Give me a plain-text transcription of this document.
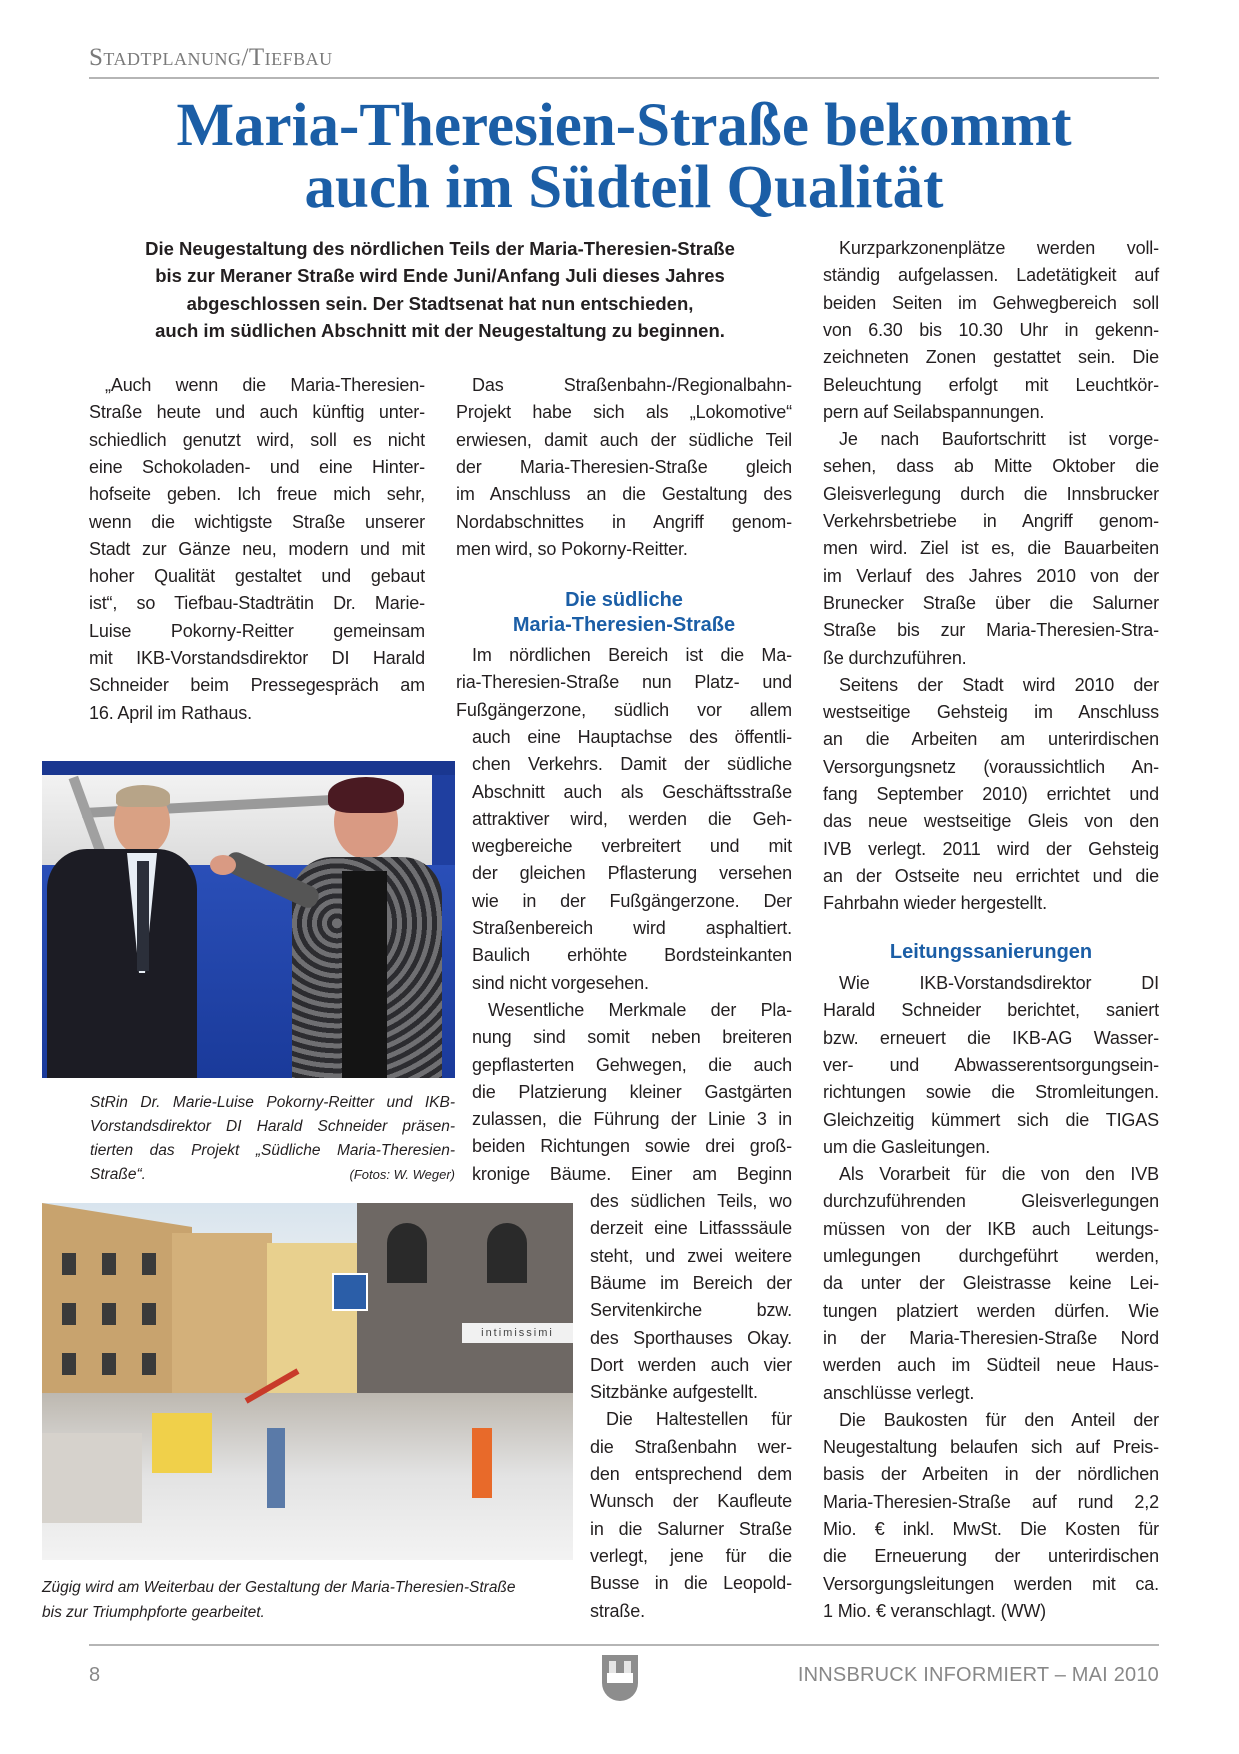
Stadtplanung/Tiefbau
Maria-Theresien-Straße bekommt
auch im Südteil Qualität
intimissimi
8	INNSBRUCK INFORMIERT – MAI 2010
Die Neugestaltung des nördlichen Teils der Maria-Theresien-Straße
bis zur Meraner Straße wird Ende Juni/Anfang Juli dieses Jahres
abgeschlossen sein. Der Stadtsenat hat nun entschieden,
auch im südlichen Abschnitt mit der Neugestaltung zu beginnen.
„Auch wenn die Maria-Theresien-
Straße heute und auch künftig unter-
schiedlich genutzt wird, soll es nicht
eine Schokoladen- und eine Hinter-
hofseite geben. Ich freue mich sehr,
wenn die wichtigste Straße unserer
Stadt zur Gänze neu, modern und mit
hoher Qualität gestaltet und gebaut
ist“, so Tiefbau-Stadträtin Dr. Marie-
Luise Pokorny-Reitter gemeinsam
mit IKB-Vorstandsdirektor DI Harald
Schneider beim Pressegespräch am
16. April im Rathaus.
Das Straßenbahn-/Regionalbahn-
Projekt habe sich als „Lokomotive“
erwiesen, damit auch der südliche Teil
der Maria-Theresien-Straße gleich
im Anschluss an die Gestaltung des
Nordabschnittes in Angriff genom-
men wird, so Pokorny-Reitter.
Die südliche
Maria-Theresien-Straße
Im nördlichen Bereich ist die Ma-
ria-Theresien-Straße nun Platz- und
Fußgängerzone, südlich vor allem
auch eine Hauptachse des öffentli-
chen Verkehrs. Damit der südliche
Abschnitt auch als Geschäftsstraße
attraktiver wird, werden die Geh-
wegbereiche verbreitert und mit
der gleichen Pflasterung versehen
wie in der Fußgängerzone. Der
Straßenbereich wird asphaltiert.
Baulich erhöhte Bordsteinkanten
sind nicht vorgesehen.
Wesentliche Merkmale der Pla-
nung sind somit neben breiteren
gepflasterten Gehwegen, die auch
die Platzierung kleiner Gastgärten
zulassen, die Führung der Linie 3 in
beiden Richtungen sowie drei groß-
kronige Bäume. Einer am Beginn
des südlichen Teils, wo
derzeit eine Litfasssäule
steht, und zwei weitere
Bäume im Bereich der
Servitenkirche bzw.
des Sporthauses Okay.
Dort werden auch vier
Sitzbänke aufgestellt.
Die Haltestellen für
die Straßenbahn wer-
den entsprechend dem
Wunsch der Kaufleute
in die Salurner Straße
verlegt, jene für die
Busse in die Leopold-
straße.
Kurzparkzonenplätze werden voll-
ständig aufgelassen. Ladetätigkeit auf
beiden Seiten im Gehwegbereich soll
von 6.30 bis 10.30 Uhr in gekenn-
zeichneten Zonen gestattet sein. Die
Beleuchtung erfolgt mit Leuchtkör-
pern auf Seilabspannungen.
Je nach Baufortschritt ist vorge-
sehen, dass ab Mitte Oktober die
Gleisverlegung durch die Innsbrucker
Verkehrsbetriebe in Angriff genom-
men wird. Ziel ist es, die Bauarbeiten
im Verlauf des Jahres 2010 von der
Brunecker Straße über die Salurner
Straße bis zur Maria-Theresien-Stra-
ße durchzuführen.
Seitens der Stadt wird 2010 der
westseitige Gehsteig im Anschluss
an die Arbeiten am unterirdischen
Versorgungsnetz (voraussichtlich An-
fang September 2010) errichtet und
das neue westseitige Gleis von den
IVB verlegt. 2011 wird der Gehsteig
an der Ostseite neu errichtet und die
Fahrbahn wieder hergestellt.
Leitungssanierungen
Wie IKB-Vorstandsdirektor DI
Harald Schneider berichtet, saniert
bzw. erneuert die IKB-AG Wasser-
ver- und Abwasserentsorgungsein-
richtungen sowie die Stromleitungen.
Gleichzeitig kümmert sich die TIGAS
um die Gasleitungen.
Als Vorarbeit für die von den IVB
durchzuführenden Gleisverlegungen
müssen von der IKB auch Leitungs-
umlegungen durchgeführt werden,
da unter der Gleistrasse keine Lei-
tungen platziert werden dürfen. Wie
in der Maria-Theresien-Straße Nord
werden auch im Südteil neue Haus-
anschlüsse verlegt.
Die Baukosten für den Anteil der
Neugestaltung belaufen sich auf Preis-
basis der Arbeiten in der nördlichen
Maria-Theresien-Straße auf rund 2,2
Mio. € inkl. MwSt. Die Kosten für
die Erneuerung der unterirdischen
Versorgungsleitungen werden mit ca.
1 Mio. € veranschlagt. (WW)
StRin Dr. Marie-Luise Pokorny-Reitter und IKB-
Vorstandsdirektor DI Harald Schneider präsen-
tierten das Projekt „Südliche Maria-Theresien-
Straße“.	(Fotos: W. Weger)
Zügig wird am Weiterbau der Gestaltung der Maria-Theresien-Straße
bis zur Triumphpforte gearbeitet.
